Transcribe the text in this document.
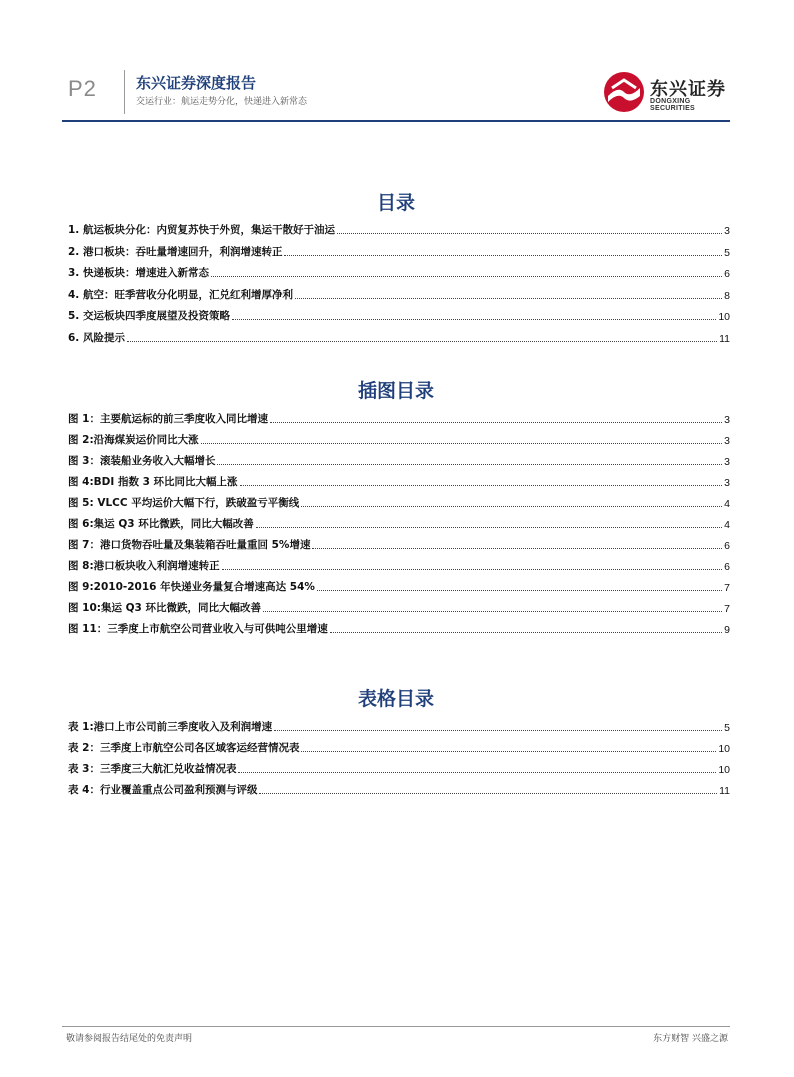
P2	东兴证券深度报告
交运行业：航运走势分化，快递进入新常态
东兴证券
DONGXING SECURITIES
目录
1. 航运板块分化：内贸复苏快于外贸，集运干散好于油运	3
2. 港口板块：吞吐量增速回升，利润增速转正	5
3. 快递板块：增速进入新常态	6
4. 航空：旺季营收分化明显，汇兑红利增厚净利	8
5. 交运板块四季度展望及投资策略	10
6. 风险提示	11
插图目录
图 1：主要航运标的前三季度收入同比增速	3
图 2:沿海煤炭运价同比大涨	3
图 3：滚装船业务收入大幅增长	3
图 4:BDI 指数 3 环比同比大幅上涨	3
图 5: VLCC 平均运价大幅下行，跌破盈亏平衡线	4
图 6:集运 Q3 环比微跌，同比大幅改善	4
图 7：港口货物吞吐量及集装箱吞吐量重回 5%增速	6
图 8:港口板块收入利润增速转正	6
图 9:2010-2016 年快递业务量复合增速高达 54%	7
图 10:集运 Q3 环比微跌，同比大幅改善	7
图 11：三季度上市航空公司营业收入与可供吨公里增速	9
表格目录
表 1:港口上市公司前三季度收入及利润增速	5
表 2：三季度上市航空公司各区域客运经营情况表	10
表 3：三季度三大航汇兑收益情况表	10
表 4：行业覆盖重点公司盈利预测与评级	11
敬请参阅报告结尾处的免责声明	东方财智 兴盛之源
